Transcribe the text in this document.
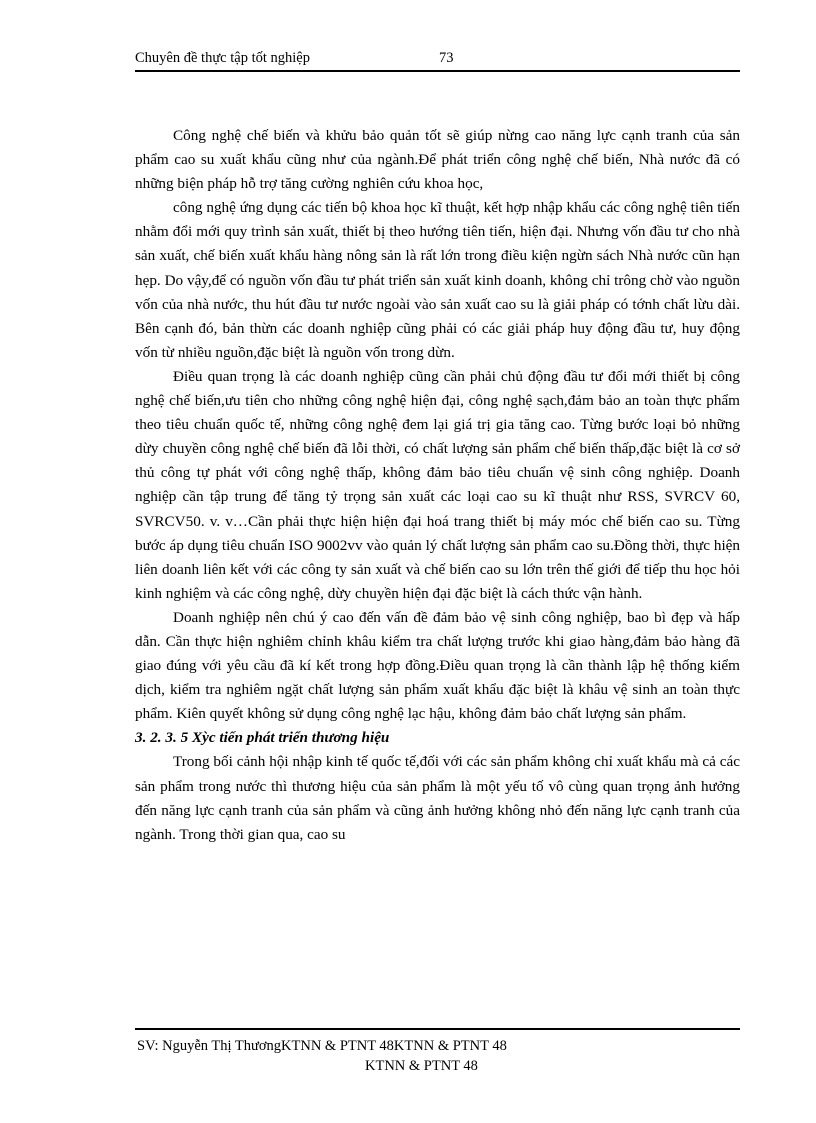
Chuyên đề thực tập tốt nghiệp	73

Công nghệ chế biến và khửu bảo quản tốt sẽ giúp nừng cao năng lực cạnh tranh của sản phẩm cao su xuất khẩu cũng như của ngành.Để phát triển công nghệ chế biến, Nhà nước đã có những biện pháp hỗ trợ tăng cường nghiên cứu khoa học,

công nghệ ứng dụng các tiến bộ khoa học kĩ thuật, kết hợp nhập khẩu các công nghệ tiên tiến nhằm đổi mới quy trình sản xuất, thiết bị theo hướng tiên tiến, hiện đại. Nhưng vốn đầu tư cho nhà sản xuất, chế biến xuất khẩu hàng nông sản là rất lớn trong điều kiện ngừn sách Nhà nước cũn hạn hẹp. Do vậy,để có nguồn vốn đầu tư phát triển sản xuất kinh doanh, không chỉ trông chờ vào nguồn vốn của nhà nước, thu hút đầu tư nước ngoài vào sản xuất cao su là giải pháp có tớnh chất lừu dài. Bên cạnh đó, bản thừn các doanh nghiệp cũng phải có các giải pháp huy động đầu tư, huy động vốn từ nhiều nguồn,đặc biệt là nguồn vốn trong dừn.

Điều quan trọng là các doanh nghiệp cũng cần phải chủ động đầu tư đổi mới thiết bị công nghệ chế biến,ưu tiên cho những công nghệ hiện đại, công nghệ sạch,đảm bảo an toàn thực phẩm theo tiêu chuẩn quốc tế, những công nghệ đem lại giá trị gia tăng cao. Từng bước loại bỏ những dừy chuyền công nghệ chế biến đã lỗi thời, có chất lượng sản phẩm chế biến thấp,đặc biệt là cơ sở thủ công tự phát với công nghệ thấp, không đảm bảo tiêu chuẩn vệ sinh công nghiệp. Doanh nghiệp cần tập trung để tăng tỷ trọng sản xuất các loại cao su kĩ thuật như RSS, SVRCV 60, SVRCV50. v. v…Cần phải thực hiện hiện đại hoá trang thiết bị máy móc chế biến cao su. Từng bước áp dụng tiêu chuẩn ISO 9002vv vào quản lý chất lượng sản phẩm cao su.Đồng thời, thực hiện liên doanh liên kết với các công ty sản xuất và chế biến cao su lớn trên thế giới để tiếp thu học hỏi kinh nghiệm và các công nghệ, dừy chuyền hiện đại đặc biệt là cách thức vận hành.

Doanh nghiệp nên chú ý cao đến vấn đề đảm bảo vệ sinh công nghiệp, bao bì đẹp và hấp dẫn. Cần thực hiện nghiêm chỉnh khâu kiểm tra chất lượng trước khi giao hàng,đảm bảo hàng đã giao đúng với yêu cầu đã kí kết trong hợp đồng.Điều quan trọng là cần thành lập hệ thống kiểm dịch, kiểm tra nghiêm ngặt chất lượng sản phẩm xuất khẩu đặc biệt là khâu vệ sinh an toàn thực phẩm. Kiên quyết không sử dụng công nghệ lạc hậu, không đảm bảo chất lượng sản phẩm.

3. 2. 3. 5 Xỳc tiến phát triển thương hiệu

Trong bối cảnh hội nhập kinh tế quốc tế,đối với các sản phẩm không chỉ xuất khẩu mà cả các sản phẩm trong nước thì thương hiệu của sản phẩm là một yếu tố vô cùng quan trọng ảnh hưởng đến năng lực cạnh tranh của sản phẩm và cũng ảnh hưởng không nhỏ đến năng lực cạnh tranh của ngành. Trong thời gian qua, cao su

SV: Nguyễn Thị ThươngKTNN & PTNT 48KTNN & PTNT 48
KTNN & PTNT 48
